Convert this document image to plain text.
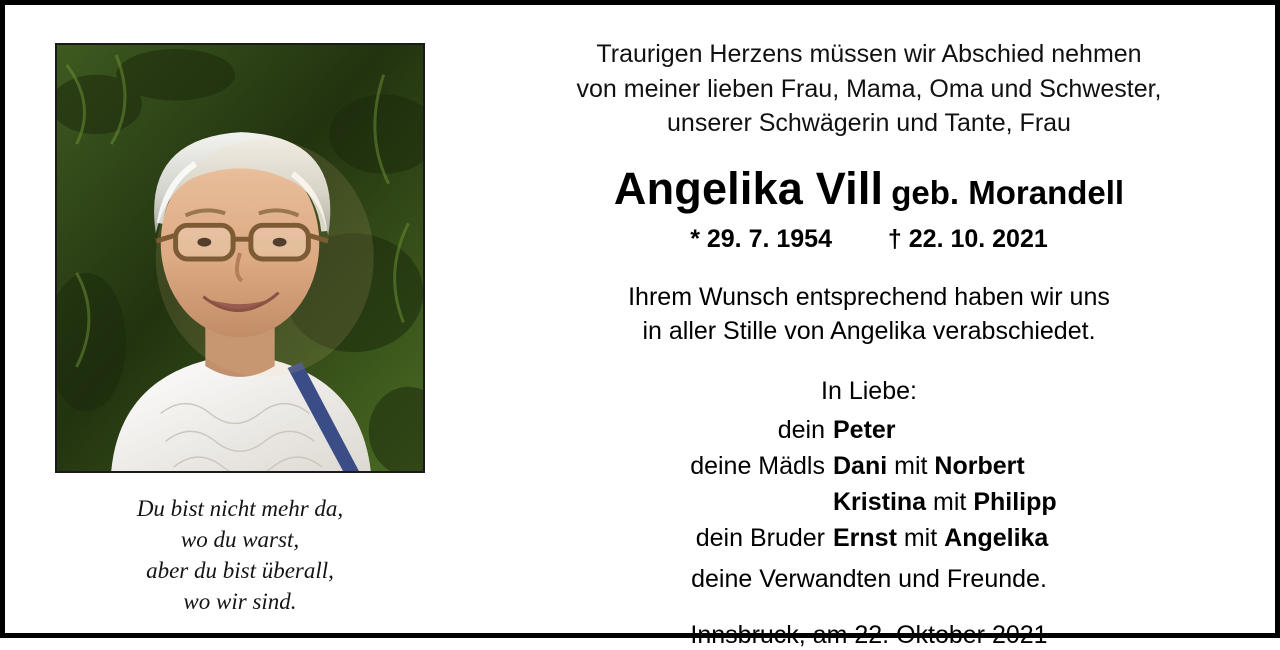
Du bist nicht mehr da,
wo du warst,
aber du bist überall,
wo wir sind.
Traurigen Herzens müssen wir Abschied nehmen
von meiner lieben Frau, Mama, Oma und Schwester,
unserer Schwägerin und Tante, Frau
Angelika Vill geb. Morandell
* 29. 7. 1954 † 22. 10. 2021
Ihrem Wunsch entsprechend haben wir uns
in aller Stille von Angelika verabschiedet.
In Liebe:
dein Peter
deine Mädls Dani mit Norbert
Kristina mit Philipp
dein Bruder Ernst mit Angelika
deine Verwandten und Freunde.
Innsbruck, am 22. Oktober 2021
